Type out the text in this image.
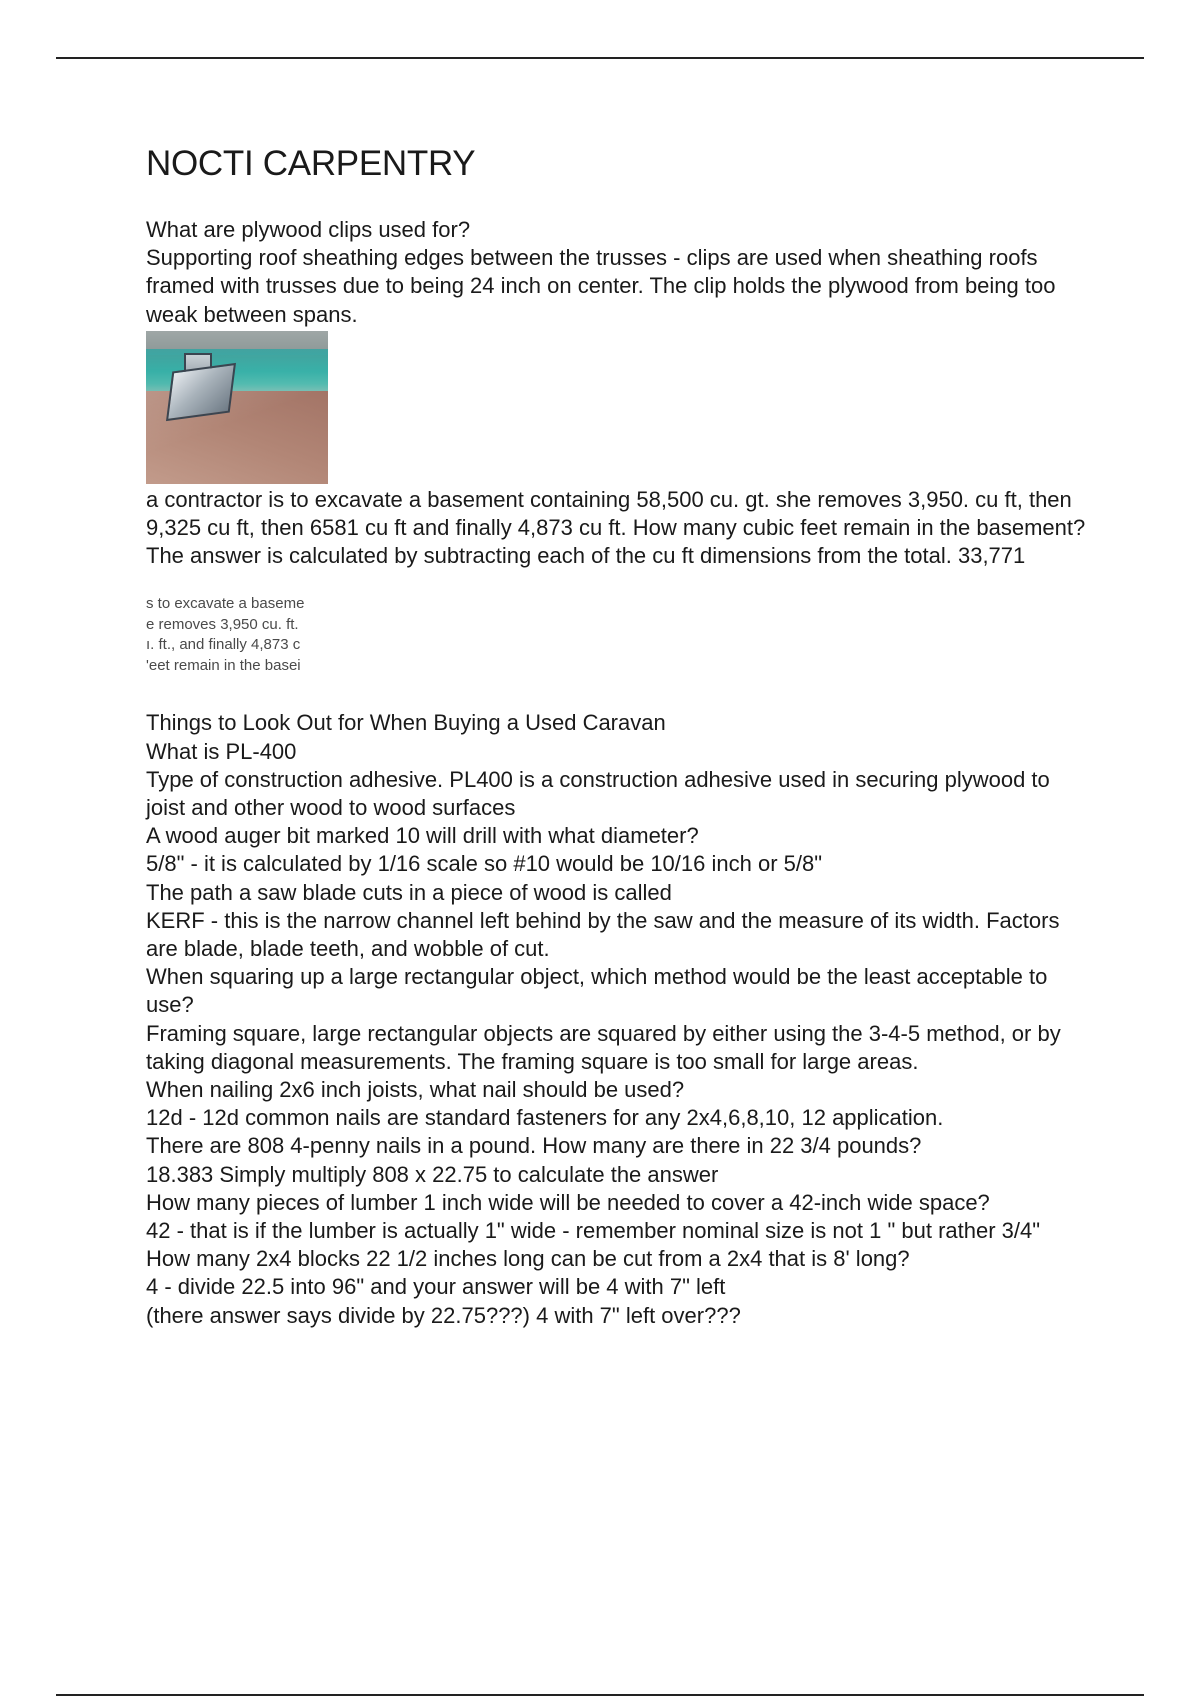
NOCTI CARPENTRY

What are plywood clips used for?

Supporting roof sheathing edges between the trusses - clips are used when sheathing roofs framed with trusses due to being 24 inch on center. The clip holds the plywood from being too weak between spans.

a contractor is to excavate a basement containing 58,500 cu. gt. she removes 3,950. cu ft, then 9,325 cu ft, then 6581 cu ft and finally 4,873 cu ft. How many cubic feet remain in the basement?

The answer is calculated by subtracting each of the cu ft dimensions from the total. 33,771

s to excavate a baseme
e removes 3,950 cu. ft.
ı. ft., and finally 4,873 c
'eet remain in the basei

Things to Look Out for When Buying a Used Caravan

What is PL-400

Type of construction adhesive. PL400 is a construction adhesive used in securing plywood to joist and other wood to wood surfaces

A wood auger bit marked 10 will drill with what diameter?

5/8" - it is calculated by 1/16 scale so #10 would be 10/16 inch or 5/8"

The path a saw blade cuts in a piece of wood is called

KERF - this is the narrow channel left behind by the saw and the measure of its width. Factors are blade, blade teeth, and wobble of cut.

When squaring up a large rectangular object, which method would be the least acceptable to use?

Framing square, large rectangular objects are squared by either using the 3-4-5 method, or by taking diagonal measurements. The framing square is too small for large areas.

When nailing 2x6 inch joists, what nail should be used?

12d - 12d common nails are standard fasteners for any 2x4,6,8,10, 12 application.

There are 808 4-penny nails in a pound. How many are there in 22 3/4 pounds?

18.383 Simply multiply 808 x 22.75 to calculate the answer

How many pieces of lumber 1 inch wide will be needed to cover a 42-inch wide space?

42 - that is if the lumber is actually 1" wide - remember nominal size is not 1 " but rather 3/4"

How many 2x4 blocks 22 1/2 inches long can be cut from a 2x4 that is 8' long?

4 - divide 22.5 into 96" and your answer will be 4 with 7" left

(there answer says divide by 22.75???) 4 with 7" left over???
